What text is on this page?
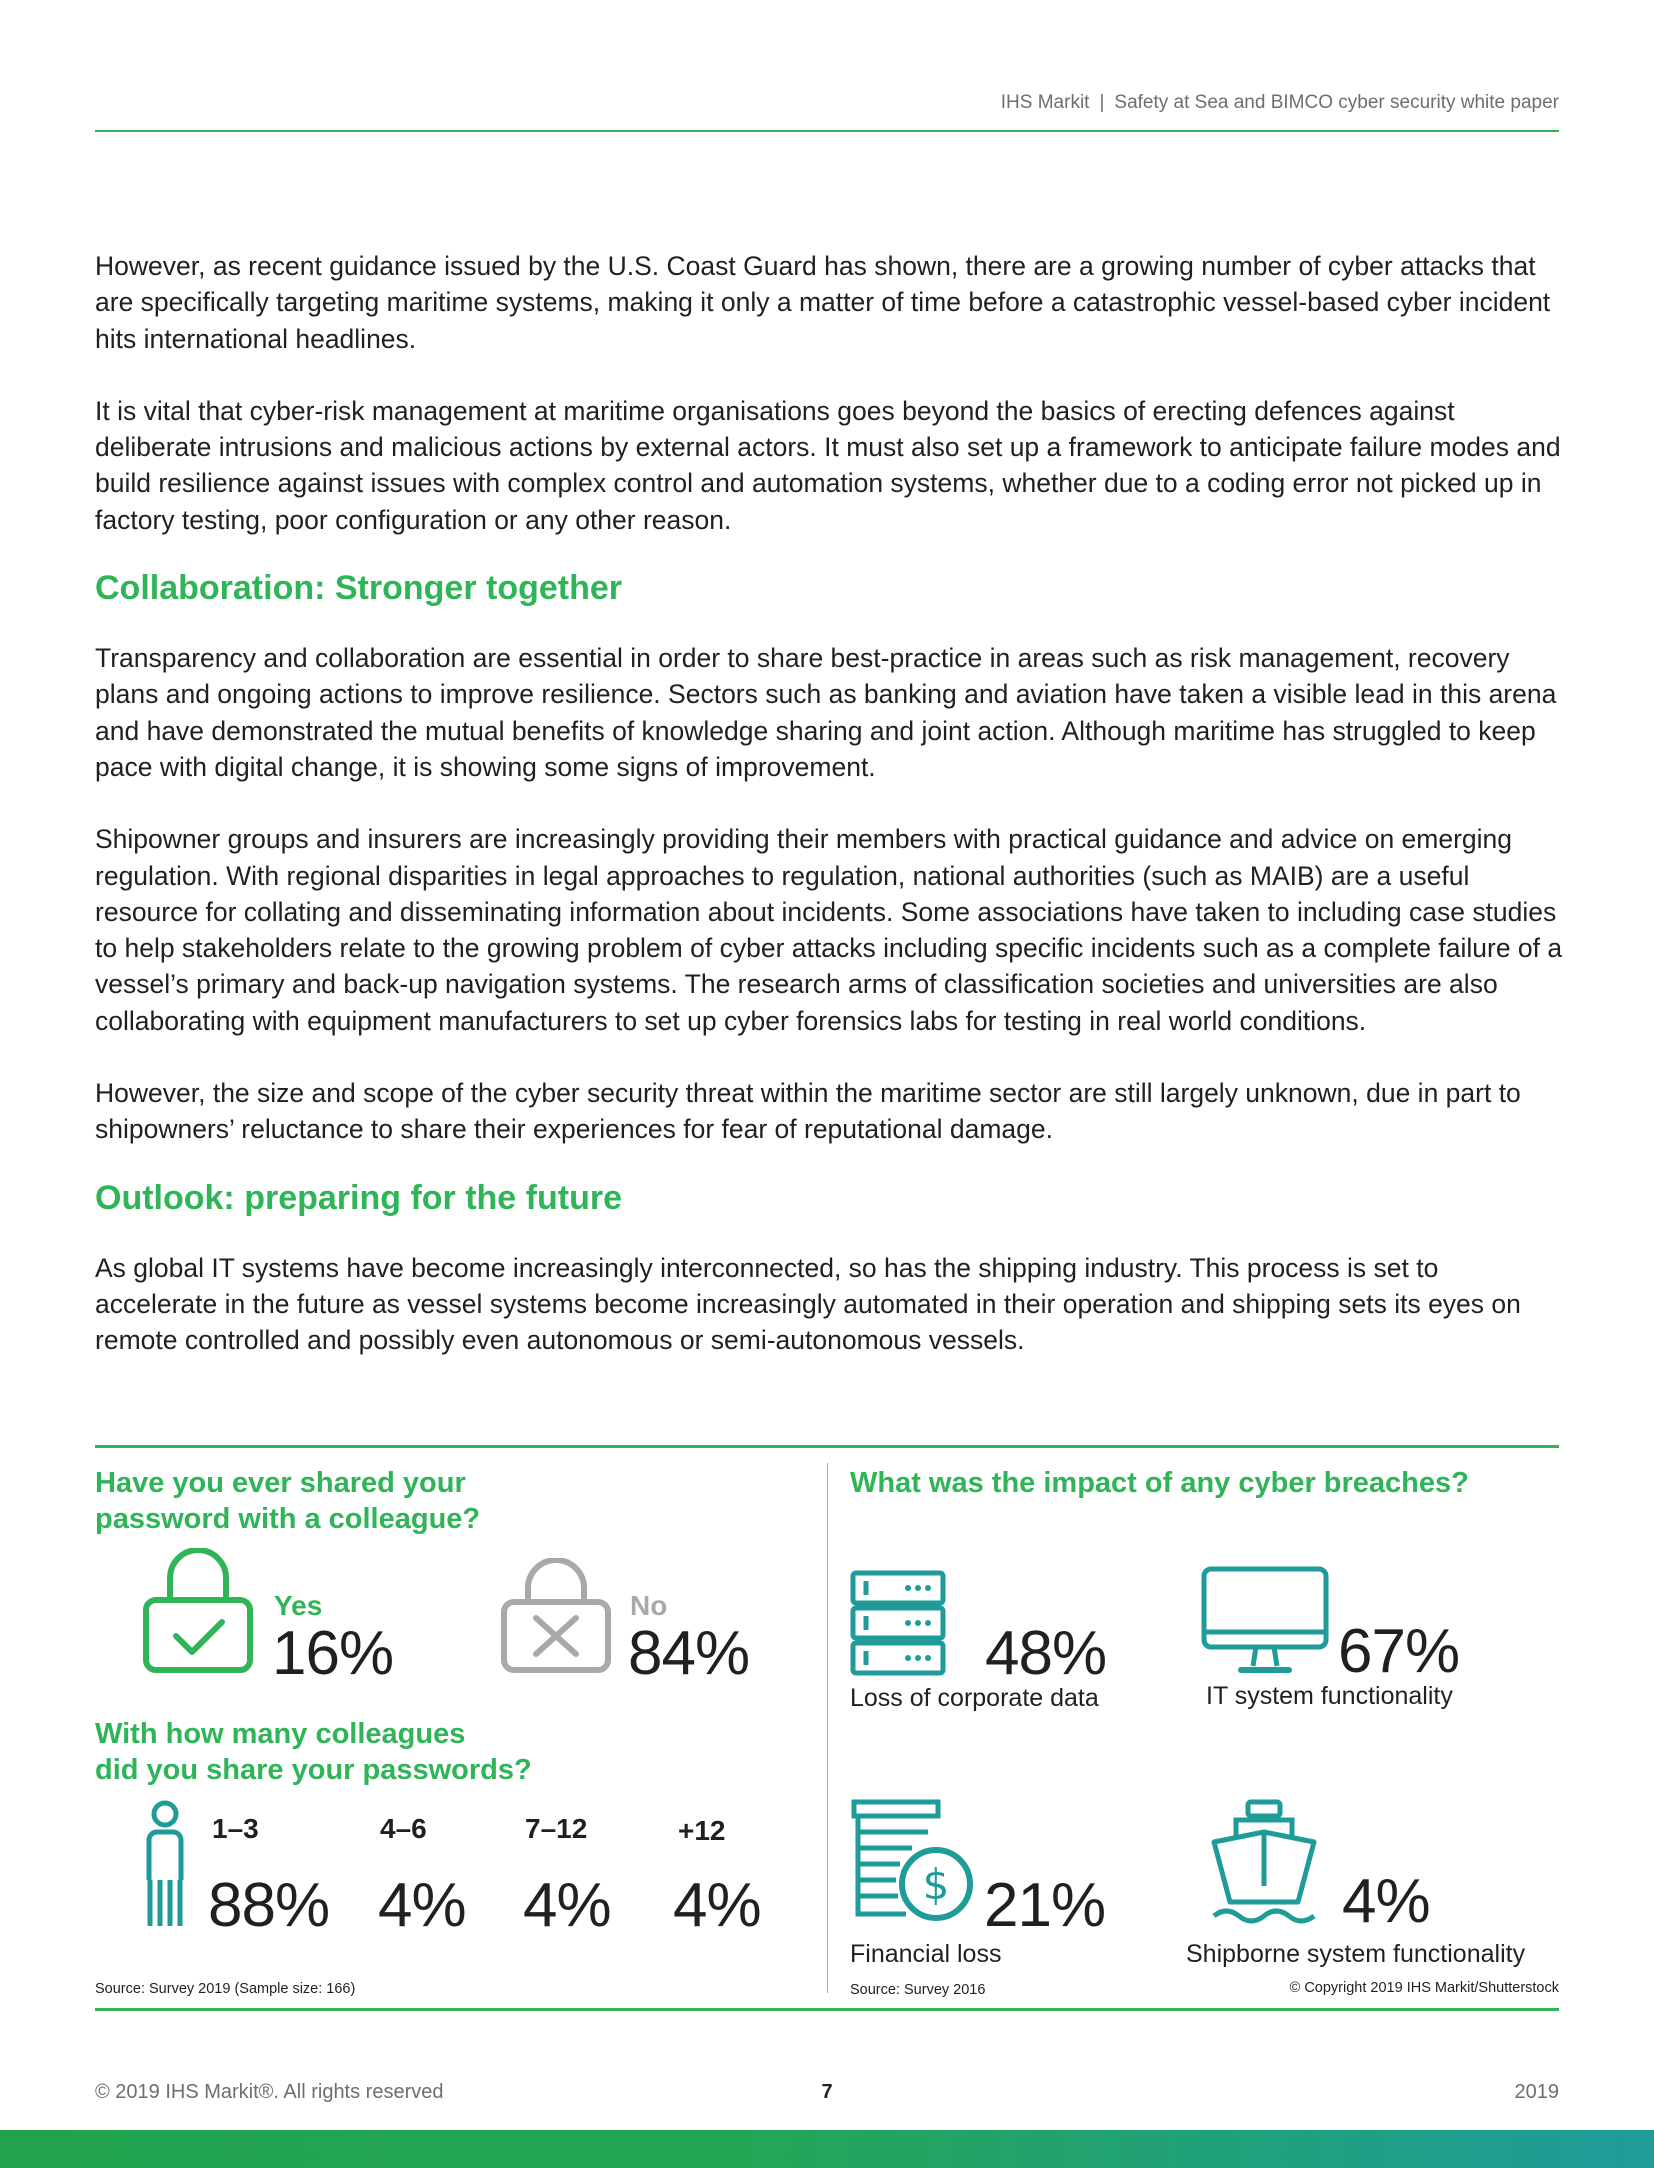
IHS Markit | Safety at Sea and BIMCO cyber security white paper

However, as recent guidance issued by the U.S. Coast Guard has shown, there are a growing number of cyber attacks that are specifically targeting maritime systems, making it only a matter of time before a catastrophic vessel-based cyber incident hits international headlines.

It is vital that cyber-risk management at maritime organisations goes beyond the basics of erecting defences against deliberate intrusions and malicious actions by external actors. It must also set up a framework to anticipate failure modes and build resilience against issues with complex control and automation systems, whether due to a coding error not picked up in factory testing, poor configuration or any other reason.

Collaboration: Stronger together

Transparency and collaboration are essential in order to share best-practice in areas such as risk management, recovery plans and ongoing actions to improve resilience. Sectors such as banking and aviation have taken a visible lead in this arena and have demonstrated the mutual benefits of knowledge sharing and joint action. Although maritime has struggled to keep pace with digital change, it is showing some signs of improvement.

Shipowner groups and insurers are increasingly providing their members with practical guidance and advice on emerging regulation. With regional disparities in legal approaches to regulation, national authorities (such as MAIB) are a useful resource for collating and disseminating information about incidents. Some associations have taken to including case studies to help stakeholders relate to the growing problem of cyber attacks including specific incidents such as a complete failure of a vessel’s primary and back-up navigation systems. The research arms of classification societies and universities are also collaborating with equipment manufacturers to set up cyber forensics labs for testing in real world conditions.

However, the size and scope of the cyber security threat within the maritime sector are still largely unknown, due in part to shipowners’ reluctance to share their experiences for fear of reputational damage.

Outlook: preparing for the future

As global IT systems have become increasingly interconnected, so has the shipping industry. This process is set to accelerate in the future as vessel systems become increasingly automated in their operation and shipping sets its eyes on remote controlled and possibly even autonomous or semi-autonomous vessels.

Have you ever shared your
password with a colleague?
Yes
16%
No
84%
With how many colleagues
did you share your passwords?
1–3
88%
4–6
4%
7–12
4%
+12
4%
Source: Survey 2019 (Sample size: 166)
What was the impact of any cyber breaches?
48%
Loss of corporate data
67%
IT system functionality
$ 21%
Financial loss
4%
Shipborne system functionality
Source: Survey 2016	© Copyright 2019 IHS Markit/Shutterstock
© 2019 IHS Markit®. All rights reserved	7	2019
